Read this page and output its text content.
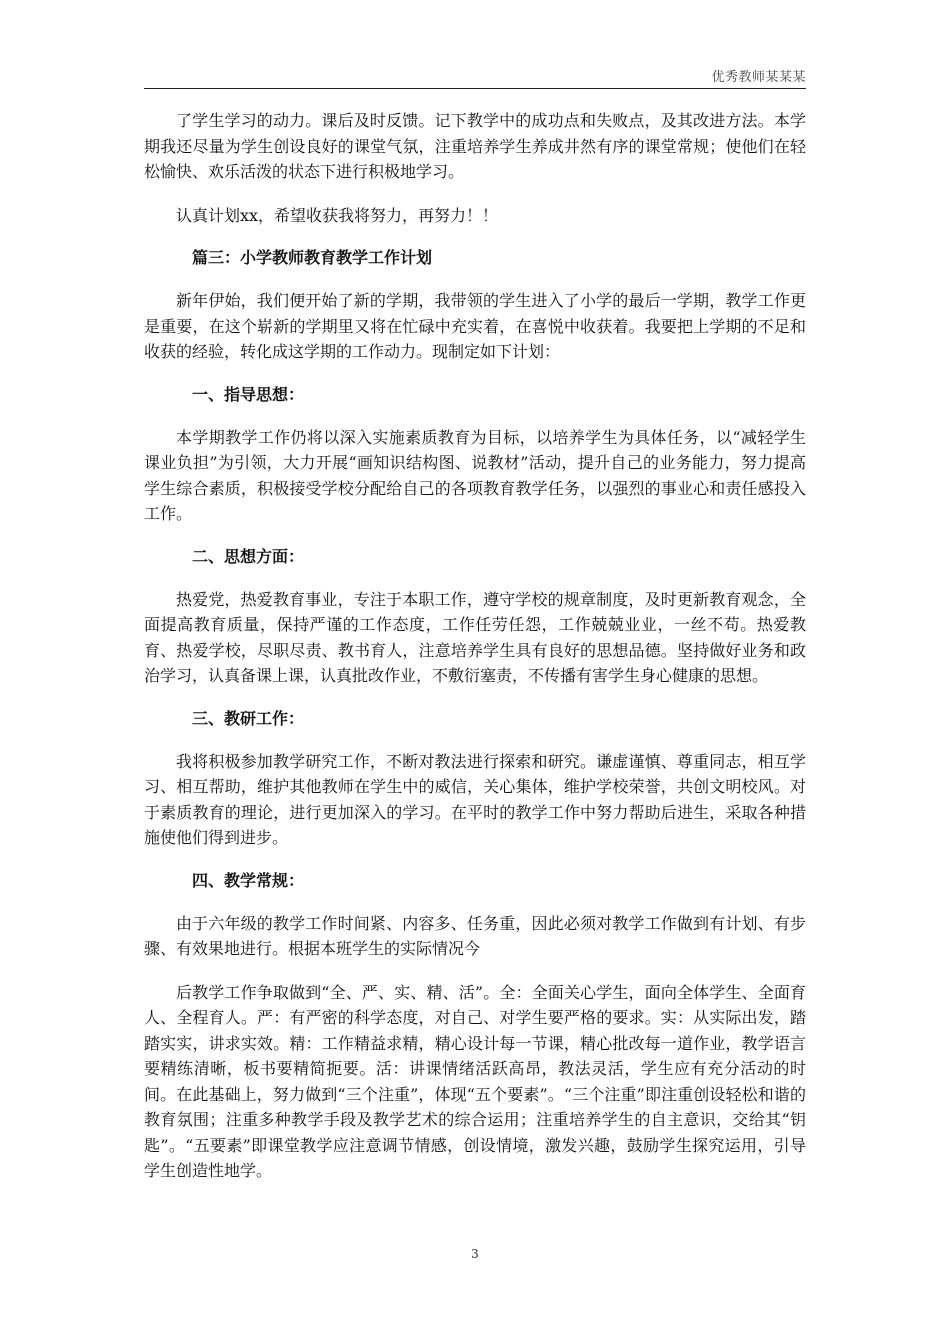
优秀教师某某某

了学生学习的动力。课后及时反馈。记下教学中的成功点和失败点，及其改进方法。本学期我还尽量为学生创设良好的课堂气氛，注重培养学生养成井然有序的课堂常规；使他们在轻松愉快、欢乐活泼的状态下进行积极地学习。

认真计划xx，希望收获我将努力，再努力！！

篇三：小学教师教育教学工作计划

新年伊始，我们便开始了新的学期，我带领的学生进入了小学的最后一学期，教学工作更是重要，在这个崭新的学期里又将在忙碌中充实着，在喜悦中收获着。我要把上学期的不足和收获的经验，转化成这学期的工作动力。现制定如下计划：

一、指导思想：

本学期教学工作仍将以深入实施素质教育为目标，以培养学生为具体任务，以“减轻学生课业负担”为引领，大力开展“画知识结构图、说教材”活动，提升自己的业务能力，努力提高学生综合素质，积极接受学校分配给自己的各项教育教学任务，以强烈的事业心和责任感投入工作。

二、思想方面：

热爱党，热爱教育事业，专注于本职工作，遵守学校的规章制度，及时更新教育观念，全面提高教育质量，保持严谨的工作态度，工作任劳任怨，工作兢兢业业，一丝不苟。热爱教育、热爱学校，尽职尽责、教书育人，注意培养学生具有良好的思想品德。坚持做好业务和政治学习，认真备课上课，认真批改作业，不敷衍塞责，不传播有害学生身心健康的思想。

三、教研工作：

我将积极参加教学研究工作，不断对教法进行探索和研究。谦虚谨慎、尊重同志，相互学习、相互帮助，维护其他教师在学生中的威信，关心集体，维护学校荣誉，共创文明校风。对于素质教育的理论，进行更加深入的学习。在平时的教学工作中努力帮助后进生，采取各种措施使他们得到进步。

四、教学常规：

由于六年级的教学工作时间紧、内容多、任务重，因此必须对教学工作做到有计划、有步骤、有效果地进行。根据本班学生的实际情况今

后教学工作争取做到“全、严、实、精、活”。全：全面关心学生，面向全体学生、全面育人、全程育人。严：有严密的科学态度，对自己、对学生要严格的要求。实：从实际出发，踏踏实实，讲求实效。精：工作精益求精，精心设计每一节课，精心批改每一道作业，教学语言要精练清晰，板书要精简扼要。活：讲课情绪活跃高昂，教法灵活，学生应有充分活动的时间。在此基础上，努力做到“三个注重”，体现“五个要素”。“三个注重”即注重创设轻松和谐的教育氛围；注重多种教学手段及教学艺术的综合运用；注重培养学生的自主意识，交给其“钥匙”。“五要素”即课堂教学应注意调节情感，创设情境，激发兴趣，鼓励学生探究运用，引导学生创造性地学。

3
